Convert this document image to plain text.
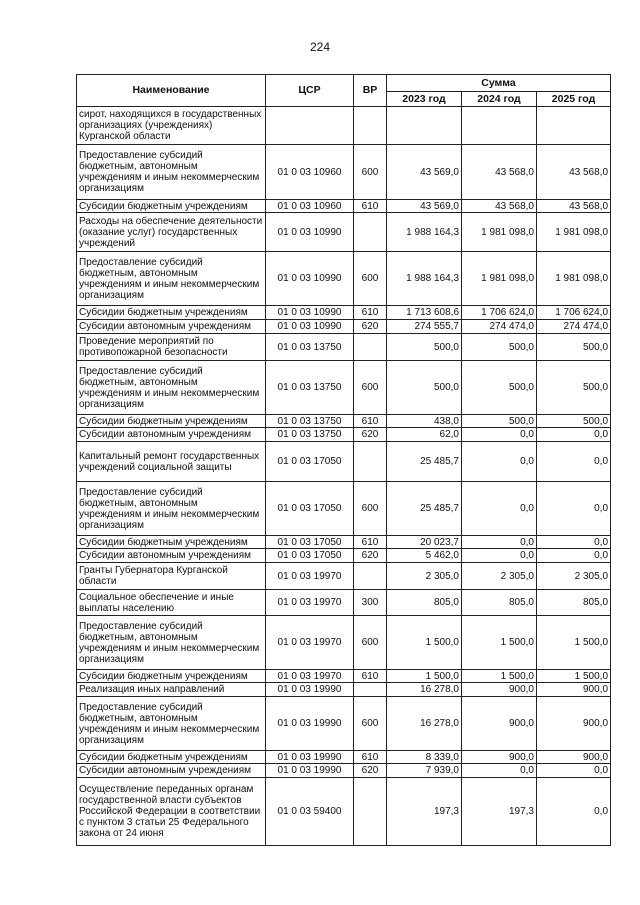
224
Наименование	ЦСР	ВР	Сумма		
			2023 год	2024 год	2025 год
сирот, находящихся в государственных организациях (учреждениях) Курганской области					
Предоставление субсидий бюджетным, автономным учреждениям и иным некоммерческим организациям	01 0 03 10960	600	43 569,0	43 568,0	43 568,0
Субсидии бюджетным учреждениям	01 0 03 10960	610	43 569,0	43 568,0	43 568,0
Расходы на обеспечение деятельности (оказание услуг) государственных учреждений	01 0 03 10990		1 988 164,3	1 981 098,0	1 981 098,0
Предоставление субсидий бюджетным, автономным учреждениям и иным некоммерческим организациям	01 0 03 10990	600	1 988 164,3	1 981 098,0	1 981 098,0
Субсидии бюджетным учреждениям	01 0 03 10990	610	1 713 608,6	1 706 624,0	1 706 624,0
Субсидии автономным учреждениям	01 0 03 10990	620	274 555,7	274 474,0	274 474,0
Проведение мероприятий по противопожарной безопасности	01 0 03 13750		500,0	500,0	500,0
Предоставление субсидий бюджетным, автономным учреждениям и иным некоммерческим организациям	01 0 03 13750	600	500,0	500,0	500,0
Субсидии бюджетным учреждениям	01 0 03 13750	610	438,0	500,0	500,0
Субсидии автономным учреждениям	01 0 03 13750	620	62,0	0,0	0,0
Капитальный ремонт государственных учреждений социальной защиты	01 0 03 17050		25 485,7	0,0	0,0
Предоставление субсидий бюджетным, автономным учреждениям и иным некоммерческим организациям	01 0 03 17050	600	25 485,7	0,0	0,0
Субсидии бюджетным учреждениям	01 0 03 17050	610	20 023,7	0,0	0,0
Субсидии автономным учреждениям	01 0 03 17050	620	5 462,0	0,0	0,0
Гранты Губернатора Курганской области	01 0 03 19970		2 305,0	2 305,0	2 305,0
Социальное обеспечение и иные выплаты населению	01 0 03 19970	300	805,0	805,0	805,0
Предоставление субсидий бюджетным, автономным учреждениям и иным некоммерческим организациям	01 0 03 19970	600	1 500,0	1 500,0	1 500,0
Субсидии бюджетным учреждениям	01 0 03 19970	610	1 500,0	1 500,0	1 500,0
Реализация иных направлений	01 0 03 19990		16 278,0	900,0	900,0
Предоставление субсидий бюджетным, автономным учреждениям и иным некоммерческим организациям	01 0 03 19990	600	16 278,0	900,0	900,0
Субсидии бюджетным учреждениям	01 0 03 19990	610	8 339,0	900,0	900,0
Субсидии автономным учреждениям	01 0 03 19990	620	7 939,0	0,0	0,0
Осуществление переданных органам государственной власти субъектов Российской Федерации в соответствии с пунктом 3 статьи 25 Федерального закона от 24 июня	01 0 03 59400		197,3	197,3	0,0
